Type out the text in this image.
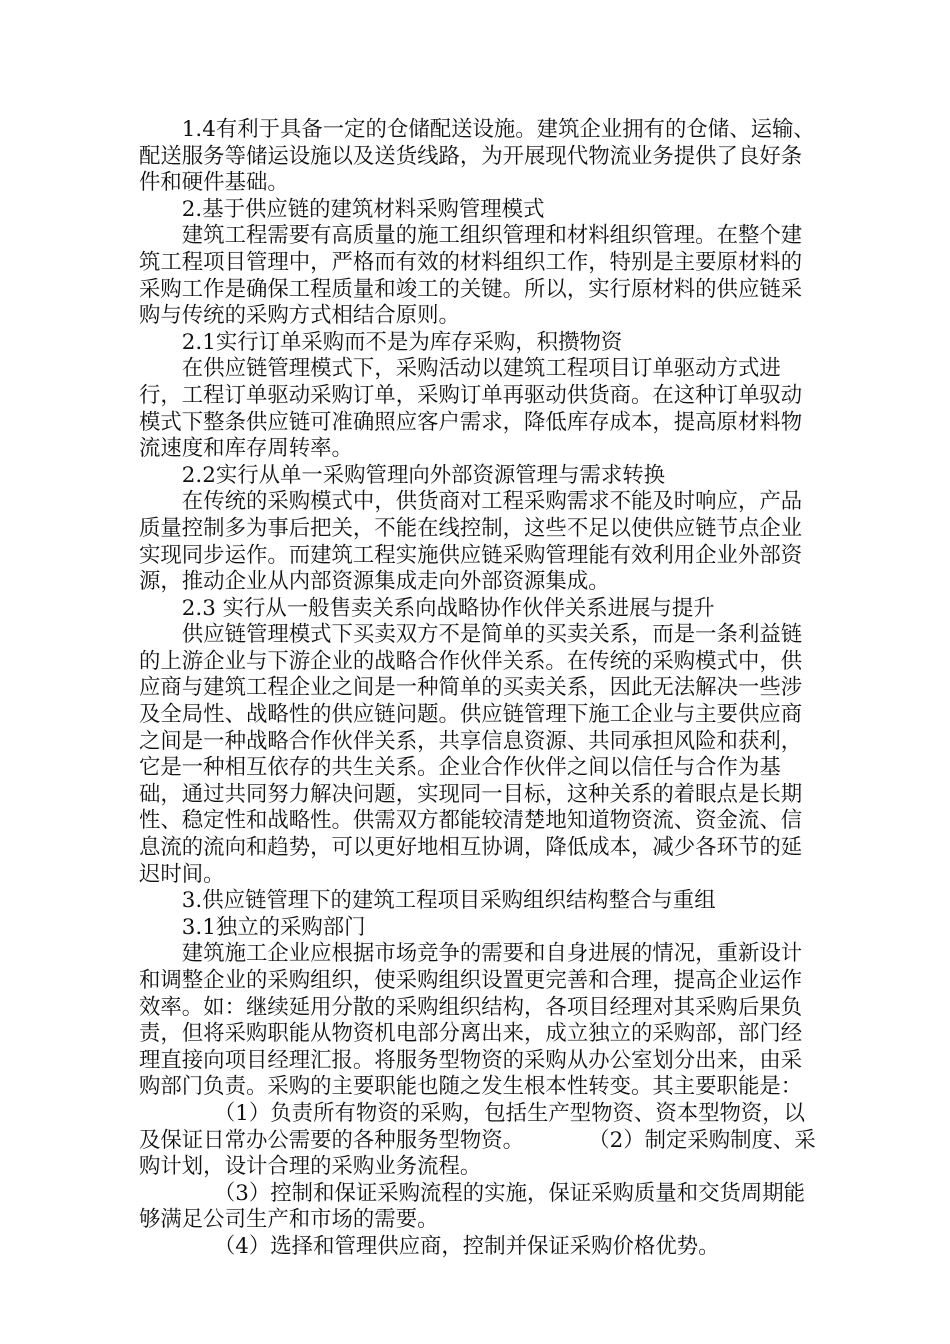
1.4有利于具备一定的仓储配送设施。建筑企业拥有的仓储、运输、配送服务等储运设施以及送货线路，为开展现代物流业务提供了良好条件和硬件基础。

2.基于供应链的建筑材料采购管理模式

建筑工程需要有高质量的施工组织管理和材料组织管理。在整个建筑工程项目管理中，严格而有效的材料组织工作，特别是主要原材料的采购工作是确保工程质量和竣工的关键。所以，实行原材料的供应链采购与传统的采购方式相结合原则。

2.1实行订单采购而不是为库存采购，积攒物资

在供应链管理模式下，采购活动以建筑工程项目订单驱动方式进行，工程订单驱动采购订单，采购订单再驱动供货商。在这种订单驭动模式下整条供应链可准确照应客户需求，降低库存成本，提高原材料物流速度和库存周转率。

2.2实行从单一采购管理向外部资源管理与需求转换

在传统的采购模式中，供货商对工程采购需求不能及时响应，产品质量控制多为事后把关，不能在线控制，这些不足以使供应链节点企业实现同步运作。而建筑工程实施供应链采购管理能有效利用企业外部资源，推动企业从内部资源集成走向外部资源集成。

2.3 实行从一般售卖关系向战略协作伙伴关系进展与提升

供应链管理模式下买卖双方不是简单的买卖关系，而是一条利益链的上游企业与下游企业的战略合作伙伴关系。在传统的采购模式中，供应商与建筑工程企业之间是一种简单的买卖关系，因此无法解决一些涉及全局性、战略性的供应链问题。供应链管理下施工企业与主要供应商之间是一种战略合作伙伴关系，共享信息资源、共同承担风险和获利，它是一种相互依存的共生关系。企业合作伙伴之间以信任与合作为基础，通过共同努力解决问题，实现同一目标，这种关系的着眼点是长期性、稳定性和战略性。供需双方都能较清楚地知道物资流、资金流、信息流的流向和趋势，可以更好地相互协调，降低成本，减少各环节的延迟时间。

3.供应链管理下的建筑工程项目采购组织结构整合与重组

3.1独立的采购部门

建筑施工企业应根据市场竞争的需要和自身进展的情况，重新设计和调整企业的采购组织，使采购组织设置更完善和合理，提高企业运作效率。如：继续延用分散的采购组织结构，各项目经理对其采购后果负责，但将采购职能从物资机电部分离出来，成立独立的采购部，部门经理直接向项目经理汇报。将服务型物资的采购从办公室划分出来，由采购部门负责。采购的主要职能也随之发生根本性转变。其主要职能是：

（1）负责所有物资的采购，包括生产型物资、资本型物资，以及保证日常办公需要的各种服务型物资。　　　　（2）制定采购制度、采购计划，设计合理的采购业务流程。

（3）控制和保证采购流程的实施，保证采购质量和交货周期能够满足公司生产和市场的需要。

（4）选择和管理供应商，控制并保证采购价格优势。
